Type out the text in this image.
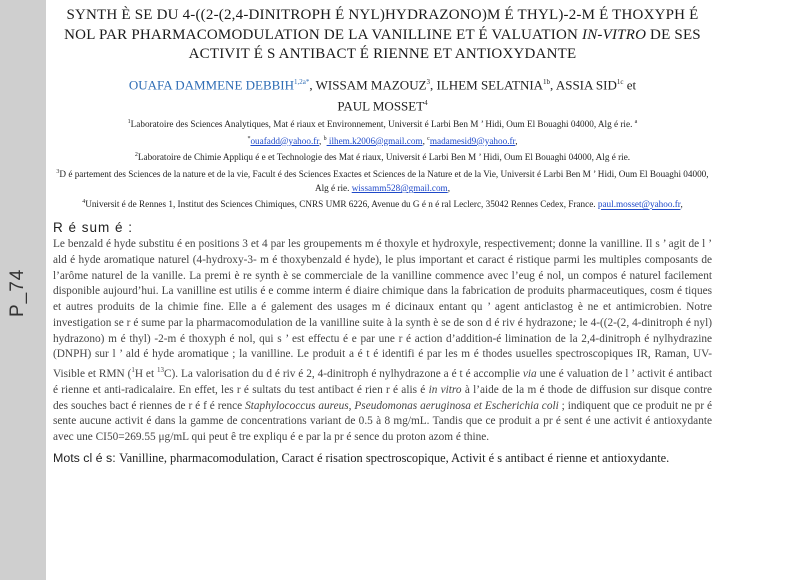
P_74
SYNTH È SE DU 4-((2-(2,4-DINITROPH É NYL)HYDRAZONO)M É THYL)-2-M É THOXYPH É NOL PAR PHARMACOMODULATION DE LA VANILLINE ET É VALUATION IN-VITRO DE SES ACTIVIT É S ANTIBACT É RIENNE ET ANTIOXYDANTE
OUAFA DAMMENE $DEBBIH^{1,2a*}$, WISSAM MAZOUZ$^3$, ILHEM $SELATNIA^{1b}$, ASSIA $SID^{1c}$ et
PAUL MOSSET$^4$
$^1$Laboratoire des Sciences Analytiques, Mat é riaux et Environnement, Universit é Larbi Ben M ’ Hidi, Oum El Bouaghi 04000, Alg é rie. $^a$
*ouafadd@yahoo.fr, $^b$ ilhem.k2006@gmail.com, $^c$madamesid9@yahoo.fr,
$^2$Laboratoire de Chimie Appliqu é e et Technologie des Mat é riaux, Universit é Larbi Ben M ’ Hidi, Oum El Bouaghi 04000, Alg é rie.
$^3$D é partement des Sciences de la nature et de la vie, Facult é des Sciences Exactes et Sciences de la Nature et de la Vie, Universit é Larbi Ben M ’ Hidi, Oum El Bouaghi 04000, Alg é rie. wissamm528@gmail.com,
$^4$Universit é de Rennes 1, Institut des Sciences Chimiques, CNRS UMR 6226, Avenue du G é n é ral Leclerc, 35042 Rennes Cedex, France. paul.mosset@yahoo.fr,
R é sum é :
Le benzald é hyde substitu é en positions 3 et 4 par les groupements m é thoxyle et hydroxyle, respectivement; donne la vanilline. Il s ’ agit de l ’ ald é hyde aromatique naturel (4-hydroxy-3- m é thoxybenzald é hyde), le plus important et caract é ristique parmi les multiples composants de l’arôme naturel de la vanille. La premi è re synth è se commerciale de la vanilline commence avec l’eug é nol, un compos é naturel facilement disponible aujourd’hui. La vanilline est utilis é e comme interm é diaire chimique dans la fabrication de produits pharmaceutiques, cosm é tiques et autres produits de la chimie fine. Elle a é galement des usages m é dicinaux entant qu ’ agent anticlastog è ne et antimicrobien. Notre investigation se r é sume par la pharmacomodulation de la vanilline suite à la synth è se de son d é riv é hydrazone; le 4-((2-(2, 4-dinitroph é nyl) hydrazono) m é thyl) -2-m é thoxyph é nol, qui s ’ est effectu é e par une r é action d’addition-é limination de la 2,4-dinitroph é nylhydrazine (DNPH) sur l ’ ald é hyde aromatique ; la vanilline. Le produit a é t é identifi é par les m é thodes usuelles spectroscopiques IR, Raman, UV-Visible et RMN ($^1$H et $^{13}$C). La valorisation du d é riv é 2, 4-dinitroph é nylhydrazone a é t é accomplie via une é valuation de l ’ activit é antibact é rienne et anti-radicalaire. En effet, les r é sultats du test antibact é rien r é alis é in vitro à l’aide de la m é thode de diffusion sur disque contre des souches bact é riennes de r é f é rence Staphylococcus aureus, Pseudomonas aeruginosa et Escherichia coli ; indiquent que ce produit ne pr é sente aucune activit é dans la gamme de concentrations variant de 0.5 à 8 mg/mL. Tandis que ce produit a pr é sent é une activit é antioxydante avec une CI50=269.55 μg/mL qui peut ê tre expliqu é e par la pr é sence du proton azom é thine.
Mots cl é s: Vanilline, pharmacomodulation, Caract é risation spectroscopique, Activit é s antibact é rienne et antioxydante.
